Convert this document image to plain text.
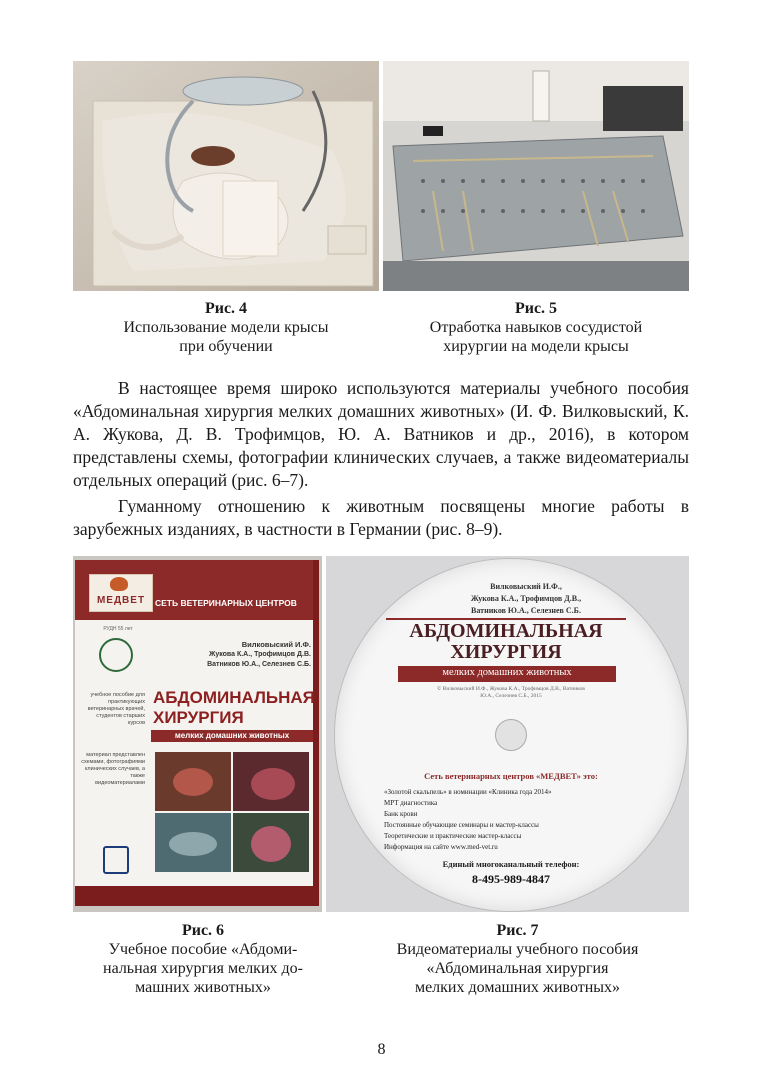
Рис. 4
Использование модели крысы
при обучении
Рис. 5
Отработка навыков сосудистой
хирургии на модели крысы

В настоящее время широко используются материалы учебного пособия «Абдоминальная хирургия мелких домашних животных» (И. Ф. Вилковыский, К. А. Жукова, Д. В. Трофимцов, Ю. А. Ватников и др., 2016), в котором представлены схемы, фотографии клинических случаев, а также видеоматериалы отдельных операций (рис. 6–7).

Гуманному отношению к животным посвящены многие работы в зарубежных изданиях, в частности в Германии (рис. 8–9).

МЕДВЕТ	СЕТЬ ВЕТЕРИНАРНЫХ ЦЕНТРОВ
РУДН 55 лет
Вилковыский И.Ф.
Жукова К.А., Трофимцов Д.В.
Ватников Ю.А., Селезнев С.Б.
АБДОМИНАЛЬНАЯ
ХИРУРГИЯ
мелких домашних животных
учебное пособие для практикующих ветеринарных врачей, студентов старших курсов
материал представлен схемами, фотографиями клинических случаев, а также видеоматериалами
Вилковыский И.Ф.,
Жукова К.А., Трофимцов Д.В.,
Ватников Ю.А., Селезнев С.Б.
АБДОМИНАЛЬНАЯ
ХИРУРГИЯ
мелких домашних животных
© Вилковыский И.Ф., Жукова К.А., Трофимцов Д.В., Ватников Ю.А., Селезнев С.Б., 2015
Сеть ветеринарных центров «МЕДВЕТ» это:
«Золотой скальпель» в номинации «Клиника года 2014»
МРТ диагностика
Банк крови
Постоянные обучающие семинары и мастер-классы
Теоретические и практические мастер-классы
Информация на сайте www.med-vet.ru
Единый многоканальный телефон:
8-495-989-4847
Рис. 6
Учебное пособие «Абдоми-
нальная хирургия мелких до-
машних животных»
Рис. 7
Видеоматериалы учебного пособия
«Абдоминальная хирургия
мелких домашних животных»
8
